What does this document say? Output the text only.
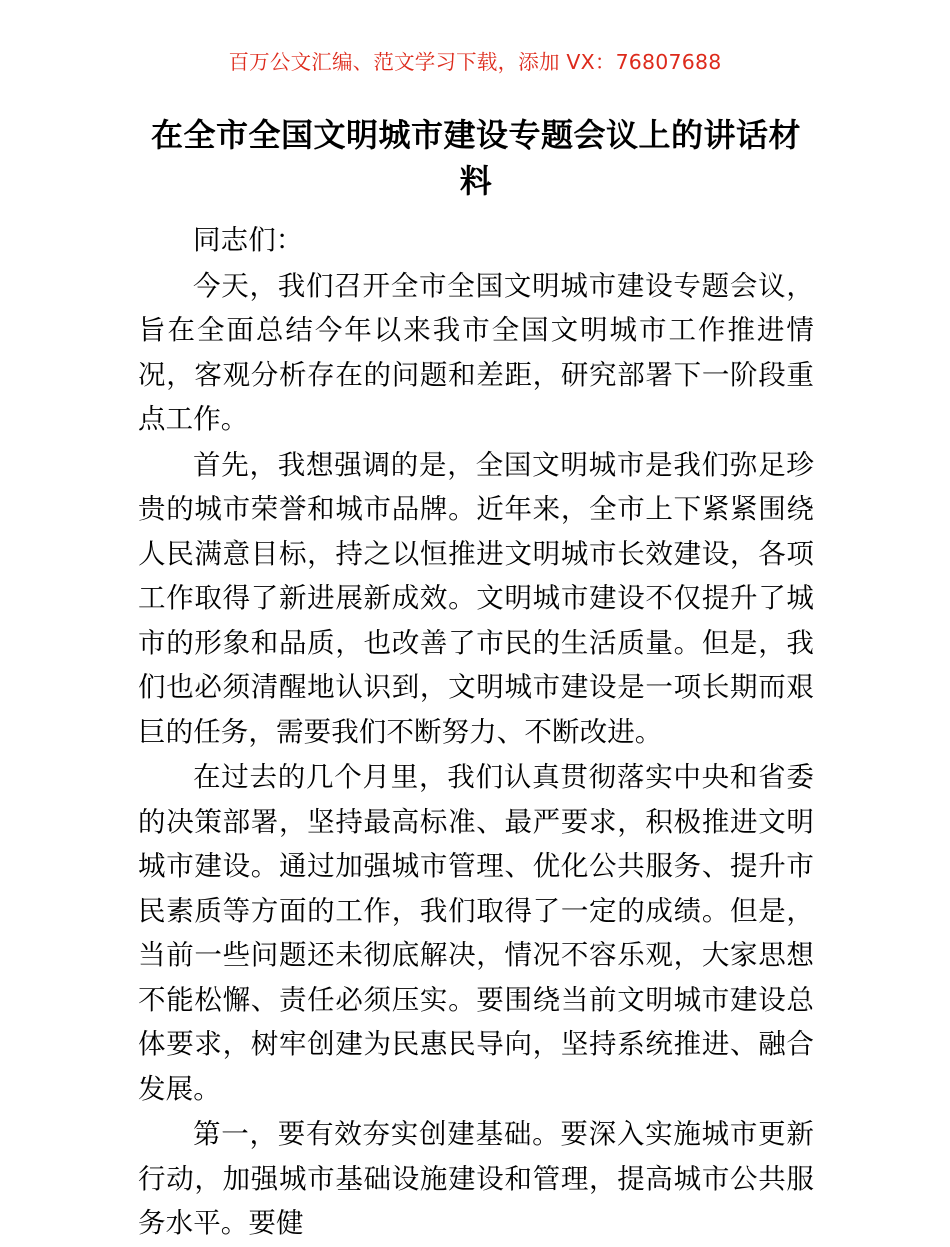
百万公文汇编、范文学习下载，添加 VX：76807688
在全市全国文明城市建设专题会议上的讲话材料

同志们：

今天，我们召开全市全国文明城市建设专题会议，旨在全面总结今年以来我市全国文明城市工作推进情况，客观分析存在的问题和差距，研究部署下一阶段重点工作。

首先，我想强调的是，全国文明城市是我们弥足珍贵的城市荣誉和城市品牌。近年来，全市上下紧紧围绕人民满意目标，持之以恒推进文明城市长效建设，各项工作取得了新进展新成效。文明城市建设不仅提升了城市的形象和品质，也改善了市民的生活质量。但是，我们也必须清醒地认识到，文明城市建设是一项长期而艰巨的任务，需要我们不断努力、不断改进。

在过去的几个月里，我们认真贯彻落实中央和省委的决策部署，坚持最高标准、最严要求，积极推进文明城市建设。通过加强城市管理、优化公共服务、提升市民素质等方面的工作，我们取得了一定的成绩。但是，当前一些问题还未彻底解决，情况不容乐观，大家思想不能松懈、责任必须压实。要围绕当前文明城市建设总体要求，树牢创建为民惠民导向，坚持系统推进、融合发展。

第一，要有效夯实创建基础。要深入实施城市更新行动，加强城市基础设施建设和管理，提高城市公共服务水平。要健
